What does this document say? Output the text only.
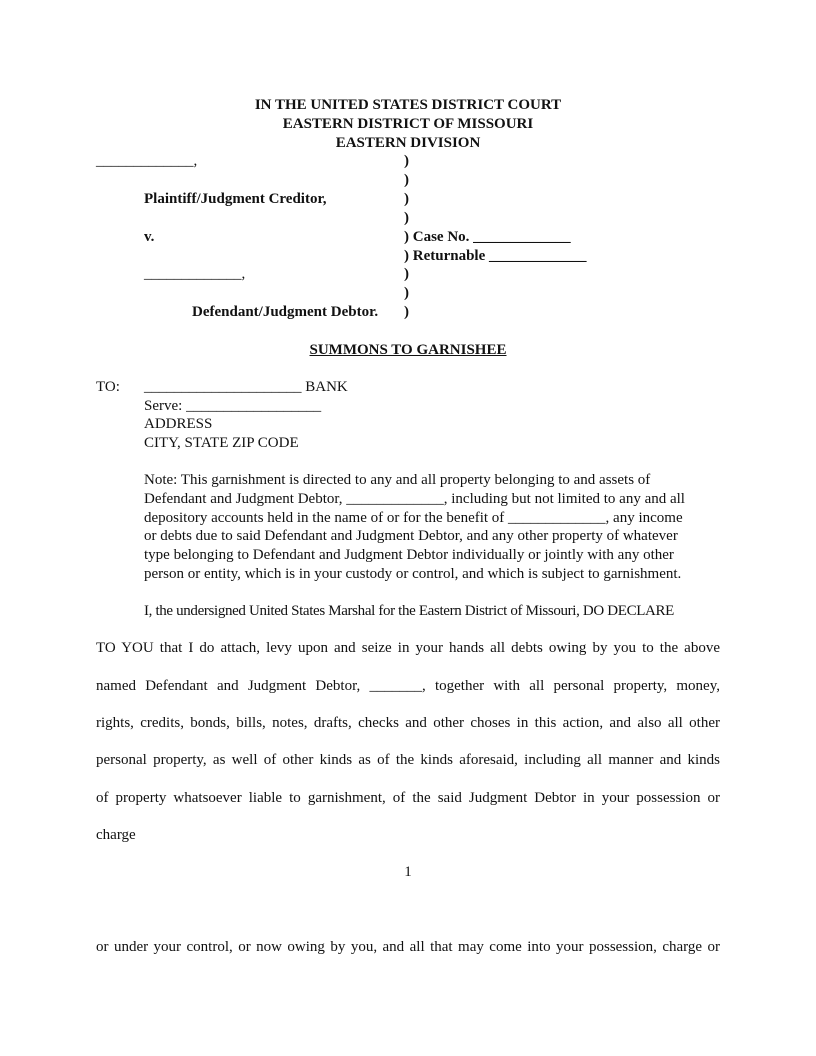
IN THE UNITED STATES DISTRICT COURT
EASTERN DISTRICT OF MISSOURI
EASTERN DIVISION
_____________,
Plaintiff/Judgment Creditor,
v.
_____________,
Defendant/Judgment Debtor.
)
)
)
)
) Case No. _____________
) Returnable _____________
)
)
)
SUMMONS TO GARNISHEE
TO: _____________________ BANK
Serve: __________________
ADDRESS
CITY, STATE ZIP CODE
Note: This garnishment is directed to any and all property belonging to and assets of
Defendant and Judgment Debtor, _____________, including but not limited to any and all
depository accounts held in the name of or for the benefit of _____________, any income
or debts due to said Defendant and Judgment Debtor, and any other property of whatever
type belonging to Defendant and Judgment Debtor individually or jointly with any other
person or entity, which is in your custody or control, and which is subject to garnishment.
I, the undersigned United States Marshal for the Eastern District of Missouri, DO DECLARE
TO YOU that I do attach, levy upon and seize in your hands all debts owing by you to the above
named Defendant and Judgment Debtor, _______, together with all personal property, money,
rights, credits, bonds, bills, notes, drafts, checks and other choses in this action, and also all other
personal property, as well of other kinds as of the kinds aforesaid, including all manner and kinds
of property whatsoever liable to garnishment, of the said Judgment Debtor in your possession or
charge
1
or under your control, or now owing by you, and all that may come into your possession, charge or
